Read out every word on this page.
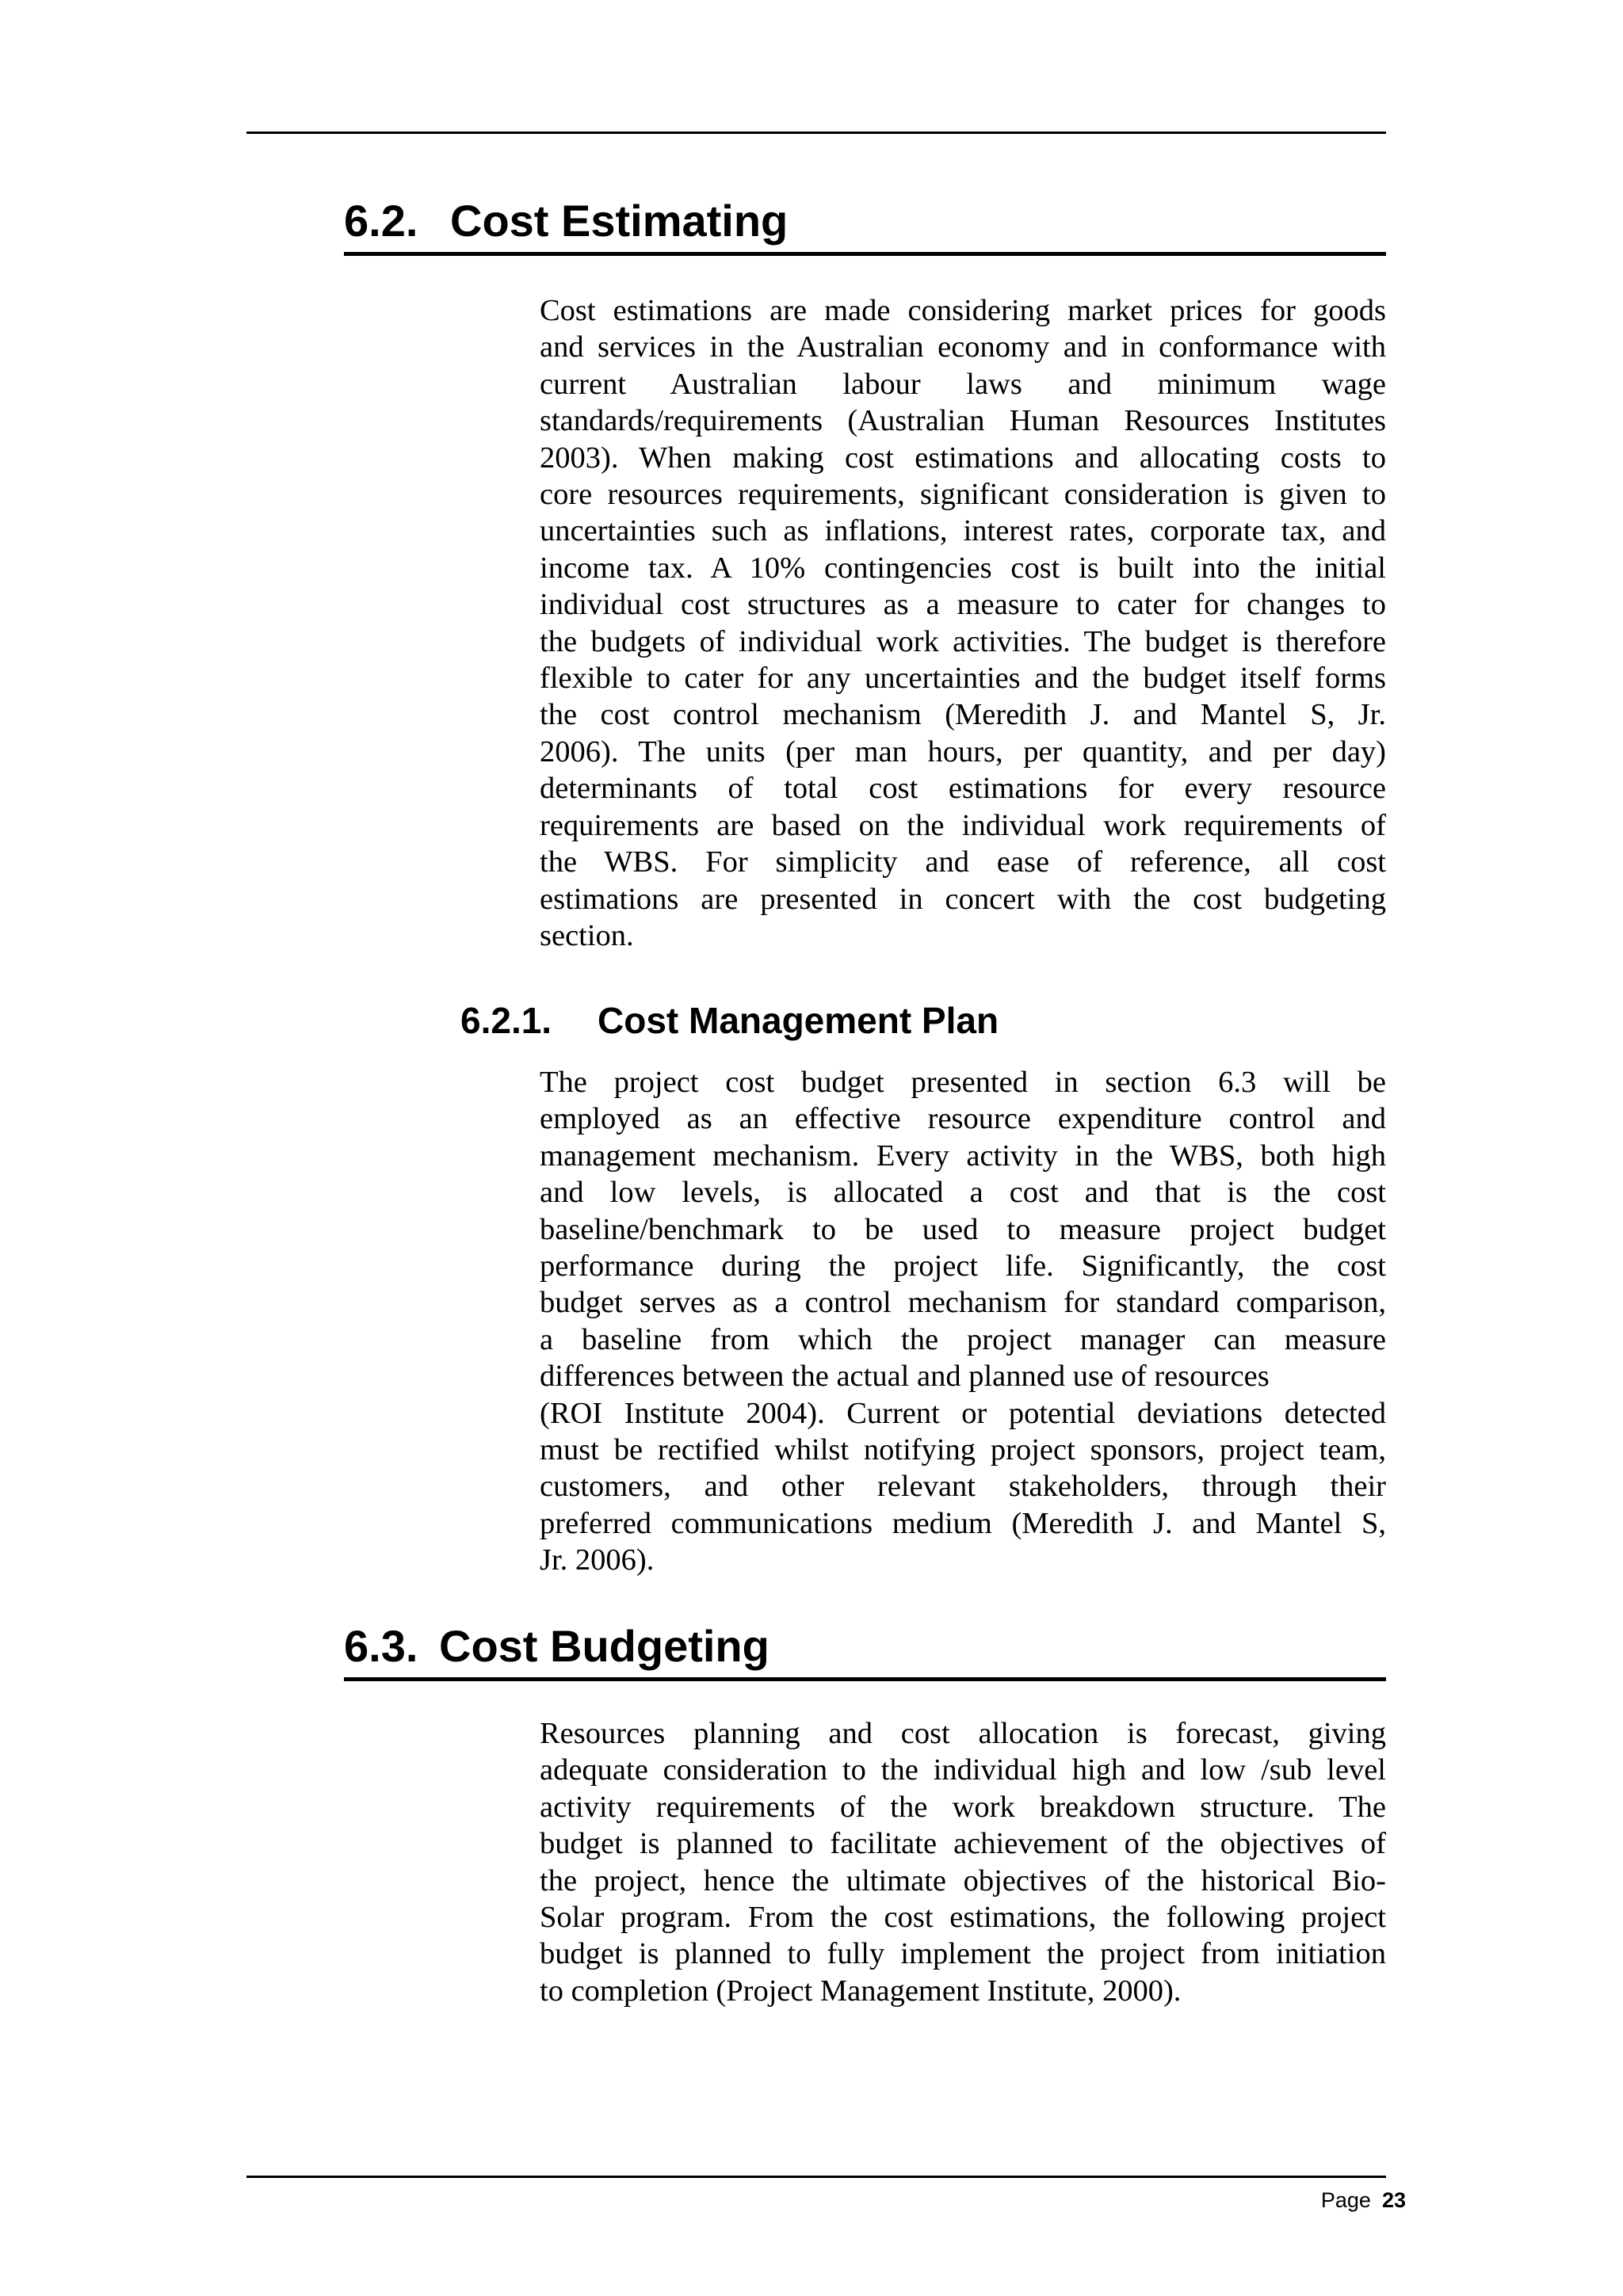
6.2. Cost Estimating

Cost estimations are made considering market prices for goods
and services in the Australian economy and in conformance with
current Australian labour laws and minimum wage
standards/requirements (Australian Human Resources Institutes
2003). When making cost estimations and allocating costs to
core resources requirements, significant consideration is given to
uncertainties such as inflations, interest rates, corporate tax, and
income tax. A 10% contingencies cost is built into the initial
individual cost structures as a measure to cater for changes to
the budgets of individual work activities. The budget is therefore
flexible to cater for any uncertainties and the budget itself forms
the cost control mechanism (Meredith J. and Mantel S, Jr.
2006). The units (per man hours, per quantity, and per day)
determinants of total cost estimations for every resource
requirements are based on the individual work requirements of
the WBS. For simplicity and ease of reference, all cost
estimations are presented in concert with the cost budgeting
section.

6.2.1. Cost Management Plan

The project cost budget presented in section 6.3 will be
employed as an effective resource expenditure control and
management mechanism. Every activity in the WBS, both high
and low levels, is allocated a cost and that is the cost
baseline/benchmark to be used to measure project budget
performance during the project life. Significantly, the cost
budget serves as a control mechanism for standard comparison,
a baseline from which the project manager can measure
differences between the actual and planned use of resources
(ROI Institute 2004). Current or potential deviations detected
must be rectified whilst notifying project sponsors, project team,
customers, and other relevant stakeholders, through their
preferred communications medium (Meredith J. and Mantel S,
Jr. 2006).

6.3. Cost Budgeting

Resources planning and cost allocation is forecast, giving
adequate consideration to the individual high and low /sub level
activity requirements of the work breakdown structure. The
budget is planned to facilitate achievement of the objectives of
the project, hence the ultimate objectives of the historical Bio-
Solar program. From the cost estimations, the following project
budget is planned to fully implement the project from initiation
to completion (Project Management Institute, 2000).

Page 23
